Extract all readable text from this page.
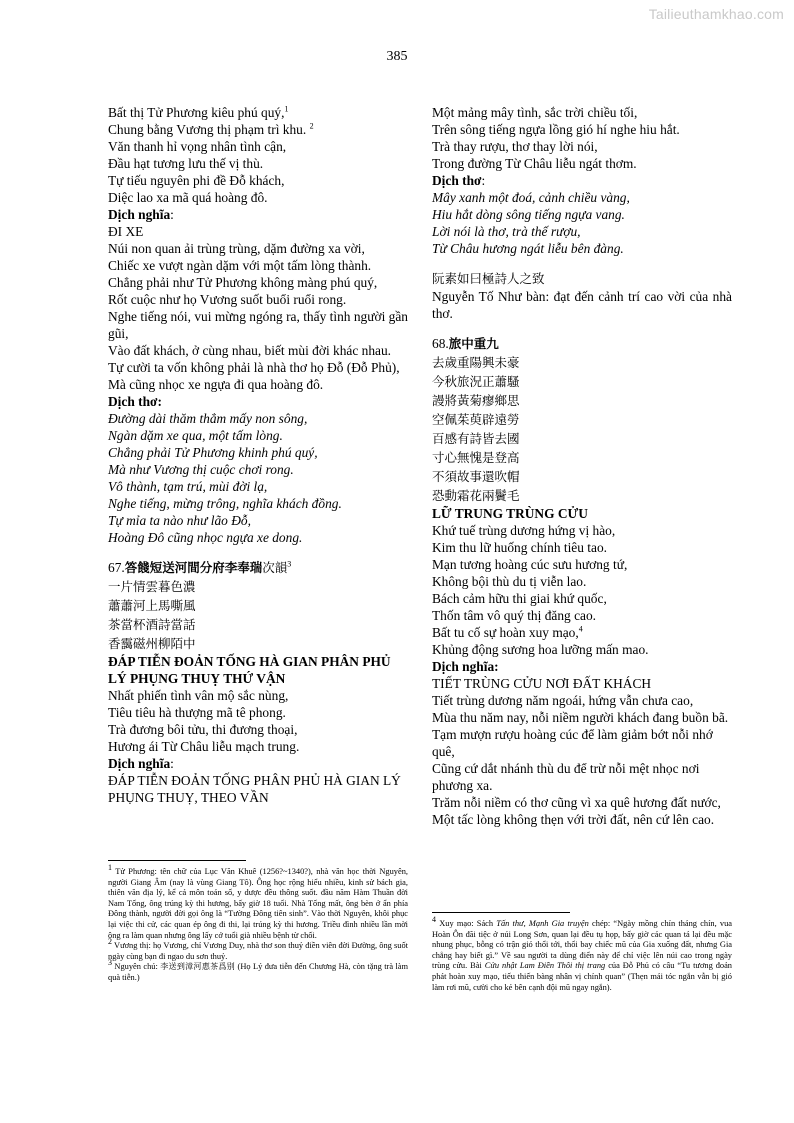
Tailieuthamkhao.com
385

Bất thị Tử Phương kiêu phú quý,$^1$

Chung bằng Vương thị phạm trì khu. $^2$

Văn thanh hỉ vọng nhân tình cận,

Đầu hạt tương lưu thế vị thù.

Tự tiếu nguyên phi đề Đỗ khách,

Diệc lao xa mã quá hoàng đô.

Dịch nghĩa:

ĐI XE

Núi non quan ải trùng trùng, dặm đường xa vời,

Chiếc xe vượt ngàn dặm với một tấm lòng thành.

Chẳng phải như Tử Phương không màng phú quý,

Rốt cuộc như họ Vương suốt buổi ruổi rong.

Nghe tiếng nói, vui mừng ngóng ra, thấy tình người gần gũi,

Vào đất khách, ở cùng nhau, biết mùi đời khác nhau.

Tự cười ta vốn không phải là nhà thơ họ Đỗ (Đỗ Phủ),

Mà cũng nhọc xe ngựa đi qua hoàng đô.

Dịch thơ:

Đường dài thăm thẳm mấy non sông,

Ngàn dặm xe qua, một tấm lòng.

Chẳng phải Tử Phương khinh phú quý,

Mà như Vương thị cuộc chơi rong.

Vô thành, tạm trú, mùi đời lạ,

Nghe tiếng, mừng trông, nghĩa khách đồng.

Tự mỉa ta nào như lão Đỗ,

Hoàng Đô cũng nhọc ngựa xe dong.

67.答餞短送河間分府李奉瑞次韻$^3$

一片情雲暮色濃

蕭蕭河上馬嘶風

茶當杯酒詩當話

香靄磁州柳陌中

ĐÁP TIỄN ĐOẢN TỐNG HÀ GIAN PHÂN PHỦ LÝ PHỤNG THUỴ THỨ VẬN

Nhất phiến tình vân mộ sắc nùng,

Tiêu tiêu hà thượng mã tê phong.

Trà đương bôi tửu, thi đương thoại,

Hương ái Từ Châu liễu mạch trung.

Dịch nghĩa:

ĐÁP TIỄN ĐOẢN TỐNG PHÂN PHỦ HÀ GIAN LÝ PHỤNG THUỴ, THEO VẦN

$^1$ Tử Phương: tên chữ của Lục Văn Khuê (1256?~1340?), nhà văn học thời Nguyên, người Giang Âm (nay là vùng Giang Tô). Ông học rộng hiểu nhiều, kinh sử bách gia, thiên văn địa lý, kể cả môn toán số, y dược đều thông suốt. đầu năm Hàm Thuần đời Nam Tống, ông trúng kỳ thi hương, bấy giờ 18 tuổi. Nhà Tống mất, ông bèn ở ẩn phía Đông thành, người đời gọi ông là “Tường Đông tiên sinh”. Vào thời Nguyên, khôi phục lại việc thi cử, các quan ép ông đi thi, lại trúng kỳ thi hương. Triều đình nhiều lần mời ông ra làm quan nhưng ông lấy cớ tuổi già nhiều bệnh từ chối.

$^2$ Vương thị: họ Vương, chỉ Vương Duy, nhà thơ son thuỷ điền viên đời Đường, ông suốt ngày cùng bạn đi ngao du sơn thuỷ.

$^3$ Nguyên chú: 李送到漳河惠茶爲别 (Họ Lý đưa tiễn đến Chương Hà, còn tặng trà làm quà tiễn.)

Một mảng mây tình, sắc trời chiều tối,

Trên sông tiếng ngựa lồng gió hí nghe hiu hắt.

Trà thay rượu, thơ thay lời nói,

Trong đường Từ Châu liễu ngát thơm.

Dịch thơ:

Mây xanh một đoá, cảnh chiều vàng,

Hiu hắt dòng sông tiếng ngựa vang.

Lời nói là thơ, trà thế rượu,

Từ Châu hương ngát liễu bên đàng.

阮素如曰極詩人之致

Nguyễn Tố Như bàn: đạt đến cảnh trí cao vời của nhà thơ.

68.旅中重九

去歲重陽興未豪

今秋旅況正蕭騷

謾將黃菊瘳鄉思

空佩茱萸辟遠勞

百感有詩皆去國

寸心無愧是登高

不須故事還吹帽

恐動霜花兩鬢毛

LỮ TRUNG TRÙNG CỬU

Khứ tuế trùng dương hứng vị hào,

Kim thu lữ huống chính tiêu tao.

Mạn tương hoàng cúc sưu hương tứ,

Không bội thù du tị viễn lao.

Bách cảm hữu thi giai khứ quốc,

Thốn tâm vô quý thị đăng cao.

Bất tu cố sự hoàn xuy mạo,$^4$

Khủng động sương hoa lưỡng mấn mao.

Dịch nghĩa:

TIẾT TRÙNG CỬU NƠI ĐẤT KHÁCH

Tiết trùng dương năm ngoái, hứng vẫn chưa cao,

Mùa thu năm nay, nỗi niềm người khách đang buồn bã.

Tạm mượn rượu hoàng cúc để làm giảm bớt nỗi nhớ quê,

Cũng cứ dắt nhánh thù du để trừ nỗi mệt nhọc nơi phương xa.

Trăm nỗi niềm có thơ cũng vì xa quê hương đất nước,

Một tấc lòng không thẹn với trời đất, nên cứ lên cao.

$^4$ Xuy mạo: Sách Tấn thư, Mạnh Gia truyện chép: “Ngày mồng chín tháng chín, vua Hoàn Ôn đãi tiệc ở núi Long Sơn, quan lại đều tụ họp, bấy giờ các quan tá lại đều mặc nhung phục, bỗng có trận gió thổi tới, thổi bay chiếc mũ của Gia xuống đất, nhưng Gia chẳng hay biết gì.” Về sau người ta dùng điển này để chỉ việc lên núi cao trong ngày trùng cửu. Bài Cửu nhật Lam Điền Thôi thị trang của Đỗ Phủ có câu “Tu tương đoản phát hoàn xuy mạo, tiếu thiến bàng nhân vị chính quan” (Thẹn mái tóc ngắn vẫn bị gió làm rơi mũ, cười cho kẻ bên cạnh đội mũ ngay ngắn).
